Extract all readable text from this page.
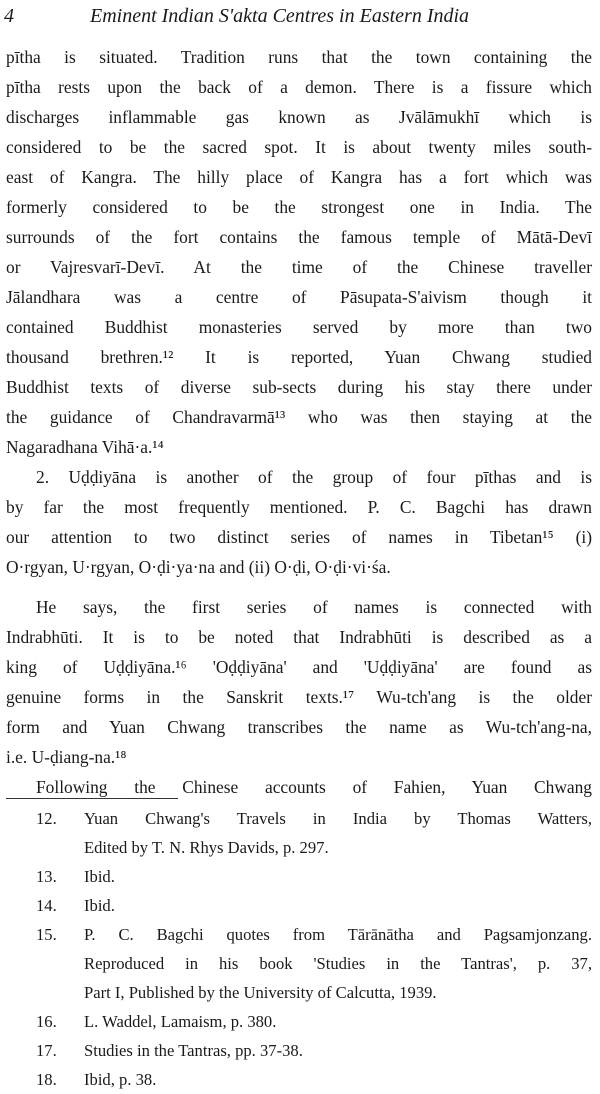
4	Eminent Indian S'akta Centres in Eastern India
pītha is situated. Tradition runs that the town containing the
pītha rests upon the back of a demon. There is a fissure which
discharges inflammable gas known as Jvālāmukhī which is
considered to be the sacred spot. It is about twenty miles south-
east of Kangra. The hilly place of Kangra has a fort which was
formerly considered to be the strongest one in India. The
surrounds of the fort contains the famous temple of Mātā-Devī
or Vajresvarī-Devī. At the time of the Chinese traveller
Jālandhara was a centre of Pāsupata-S'aivism though it
contained Buddhist monasteries served by more than two
thousand brethren.¹² It is reported, Yuan Chwang studied
Buddhist texts of diverse sub-sects during his stay there under
the guidance of Chandravarmā¹³ who was then staying at the
Nagaradhana Vihā·a.¹⁴
2. Uḍḍiyāna is another of the group of four pīthas and is
by far the most frequently mentioned. P. C. Bagchi has drawn
our attention to two distinct series of names in Tibetan¹⁵ (i)
O·rgyan, U·rgyan, O·ḍi·ya·na and (ii) O·ḍi, O·ḍi·vi·śa.
He says, the first series of names is connected with
Indrabhūti. It is to be noted that Indrabhūti is described as a
king of Uḍḍiyāna.¹⁶ 'Oḍḍiyāna' and 'Uḍḍiyāna' are found as
genuine forms in the Sanskrit texts.¹⁷ Wu-tch'ang is the older
form and Yuan Chwang transcribes the name as Wu-tch'ang-na,
i.e. U-ḍiang-na.¹⁸
Following the Chinese accounts of Fahien, Yuan Chwang
12. Yuan Chwang's Travels in India by Thomas Watters,
Edited by T. N. Rhys Davids, p. 297.
13. Ibid.
14. Ibid.
15. P. C. Bagchi quotes from Tārānātha and Pagsamjonzang.
Reproduced in his book 'Studies in the Tantras', p. 37,
Part I, Published by the University of Calcutta, 1939.
16. L. Waddel, Lamaism, p. 380.
17. Studies in the Tantras, pp. 37-38.
18. Ibid, p. 38.
